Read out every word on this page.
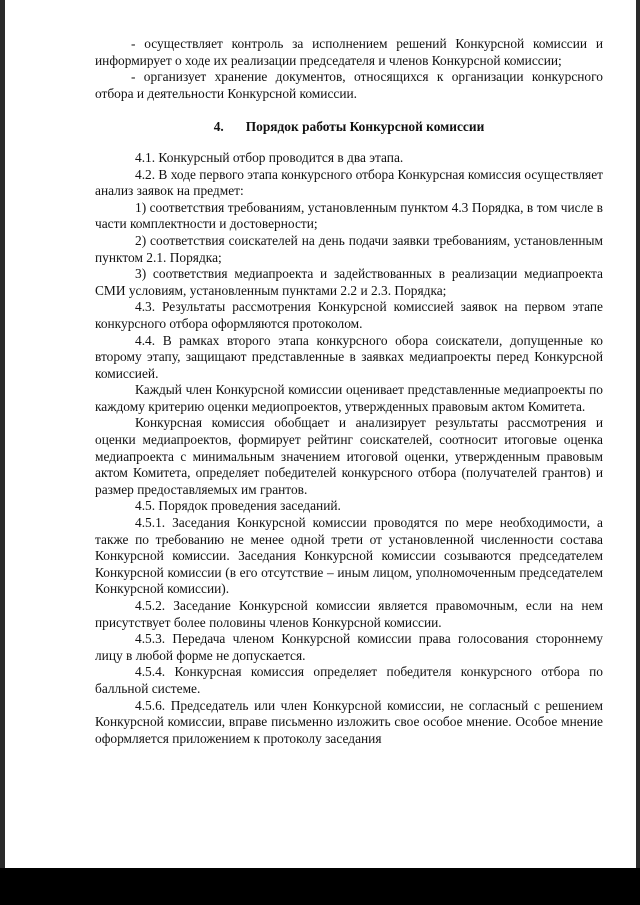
- осуществляет контроль за исполнением решений Конкурсной комиссии и информирует о ходе их реализации председателя и членов Конкурсной комиссии;

- организует хранение документов, относящихся к организации конкурсного отбора и деятельности Конкурсной комиссии.

4. Порядок работы Конкурсной комиссии

4.1. Конкурсный отбор проводится в два этапа.

4.2. В ходе первого этапа конкурсного отбора Конкурсная комиссия осуществляет анализ заявок на предмет:

1) соответствия требованиям, установленным пунктом 4.3 Порядка, в том числе в части комплектности и достоверности;

2) соответствия соискателей на день подачи заявки требованиям, установленным пунктом 2.1. Порядка;

3) соответствия медиапроекта и задействованных в реализации медиапроекта СМИ условиям, установленным пунктами 2.2 и 2.3. Порядка;

4.3. Результаты рассмотрения Конкурсной комиссией заявок на первом этапе конкурсного отбора оформляются протоколом.

4.4. В рамках второго этапа конкурсного обора соискатели, допущенные ко второму этапу, защищают представленные в заявках медиапроекты перед Конкурсной комиссией.

Каждый член Конкурсной комиссии оценивает представленные медиапроекты по каждому критерию оценки медиопроектов, утвержденных правовым актом Комитета.

Конкурсная комиссия обобщает и анализирует результаты рассмотрения и оценки медиапроектов, формирует рейтинг соискателей, соотносит итоговые оценка медиапроекта с минимальным значением итоговой оценки, утвержденным правовым актом Комитета, определяет победителей конкурсного отбора (получателей грантов) и размер предоставляемых им грантов.

4.5. Порядок проведения заседаний.

4.5.1. Заседания Конкурсной комиссии проводятся по мере необходимости, а также по требованию не менее одной трети от установленной численности состава Конкурсной комиссии. Заседания Конкурсной комиссии созываются председателем Конкурсной комиссии (в его отсутствие – иным лицом, уполномоченным председателем Конкурсной комиссии).

4.5.2. Заседание Конкурсной комиссии является правомочным, если на нем присутствует более половины членов Конкурсной комиссии.

4.5.3. Передача членом Конкурсной комиссии права голосования стороннему лицу в любой форме не допускается.

4.5.4. Конкурсная комиссия определяет победителя конкурсного отбора по балльной системе.

4.5.6. Председатель или член Конкурсной комиссии, не согласный с решением Конкурсной комиссии, вправе письменно изложить свое особое мнение. Особое мнение оформляется приложением к протоколу заседания
